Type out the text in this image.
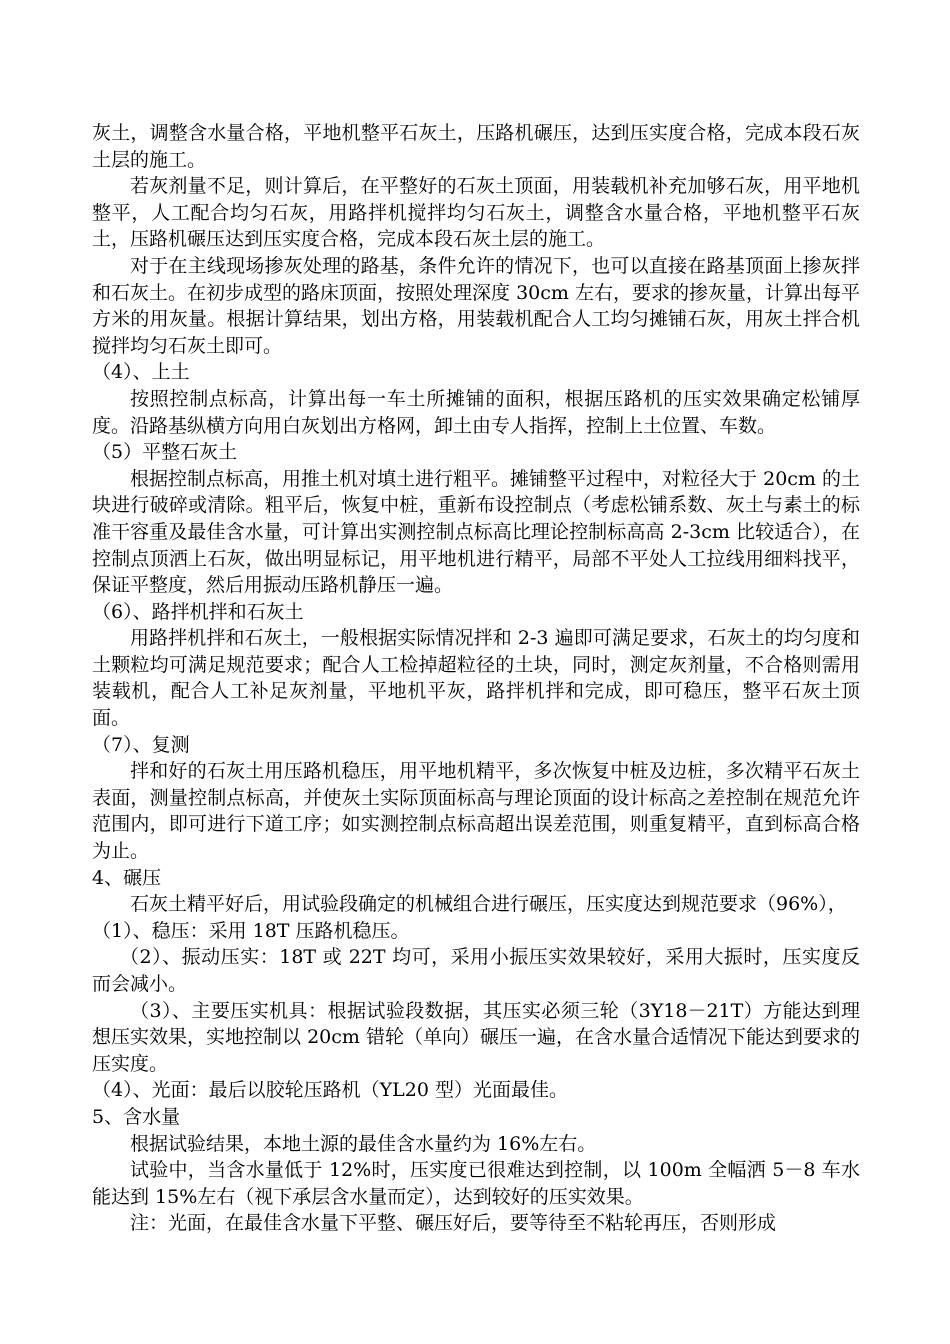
灰土，调整含水量合格，平地机整平石灰土，压路机碾压，达到压实度合格，完成本段石灰土层的施工。

若灰剂量不足，则计算后，在平整好的石灰土顶面，用装载机补充加够石灰，用平地机整平，人工配合均匀石灰，用路拌机搅拌均匀石灰土，调整含水量合格，平地机整平石灰土，压路机碾压达到压实度合格，完成本段石灰土层的施工。

对于在主线现场掺灰处理的路基，条件允许的情况下，也可以直接在路基顶面上掺灰拌和石灰土。在初步成型的路床顶面，按照处理深度 30cm 左右，要求的掺灰量，计算出每平方米的用灰量。根据计算结果，划出方格，用装载机配合人工均匀摊铺石灰，用灰土拌合机搅拌均匀石灰土即可。

（4）、上土

按照控制点标高，计算出每一车土所摊铺的面积，根据压路机的压实效果确定松铺厚度。沿路基纵横方向用白灰划出方格网，卸土由专人指挥，控制上土位置、车数。

（5）平整石灰土

根据控制点标高，用推土机对填土进行粗平。摊铺整平过程中，对粒径大于 20cm 的土块进行破碎或清除。粗平后，恢复中桩，重新布设控制点（考虑松铺系数、灰土与素土的标准干容重及最佳含水量，可计算出实测控制点标高比理论控制标高高 2-3cm 比较适合），在控制点顶洒上石灰，做出明显标记，用平地机进行精平，局部不平处人工拉线用细料找平，保证平整度，然后用振动压路机静压一遍。

（6）、路拌机拌和石灰土

用路拌机拌和石灰土，一般根据实际情况拌和 2-3 遍即可满足要求，石灰土的均匀度和土颗粒均可满足规范要求；配合人工检掉超粒径的土块，同时，测定灰剂量，不合格则需用装载机，配合人工补足灰剂量，平地机平灰，路拌机拌和完成，即可稳压，整平石灰土顶面。

（7）、复测

拌和好的石灰土用压路机稳压，用平地机精平，多次恢复中桩及边桩，多次精平石灰土表面，测量控制点标高，并使灰土实际顶面标高与理论顶面的设计标高之差控制在规范允许范围内，即可进行下道工序；如实测控制点标高超出误差范围，则重复精平，直到标高合格为止。

4、碾压

石灰土精平好后，用试验段确定的机械组合进行碾压，压实度达到规范要求（96%），

（1）、稳压：采用 18T 压路机稳压。

（2）、振动压实：18T 或 22T 均可，采用小振压实效果较好，采用大振时，压实度反而会减小。

（3）、主要压实机具：根据试验段数据，其压实必须三轮（3Y18－21T）方能达到理想压实效果，实地控制以 20cm 错轮（单向）碾压一遍，在含水量合适情况下能达到要求的压实度。

（4）、光面：最后以胶轮压路机（YL20 型）光面最佳。

5、含水量

根据试验结果，本地土源的最佳含水量约为 16%左右。

试验中，当含水量低于 12%时，压实度已很难达到控制，以 100m 全幅洒 5－8 车水能达到 15%左右（视下承层含水量而定），达到较好的压实效果。

注：光面，在最佳含水量下平整、碾压好后，要等待至不粘轮再压，否则形成
